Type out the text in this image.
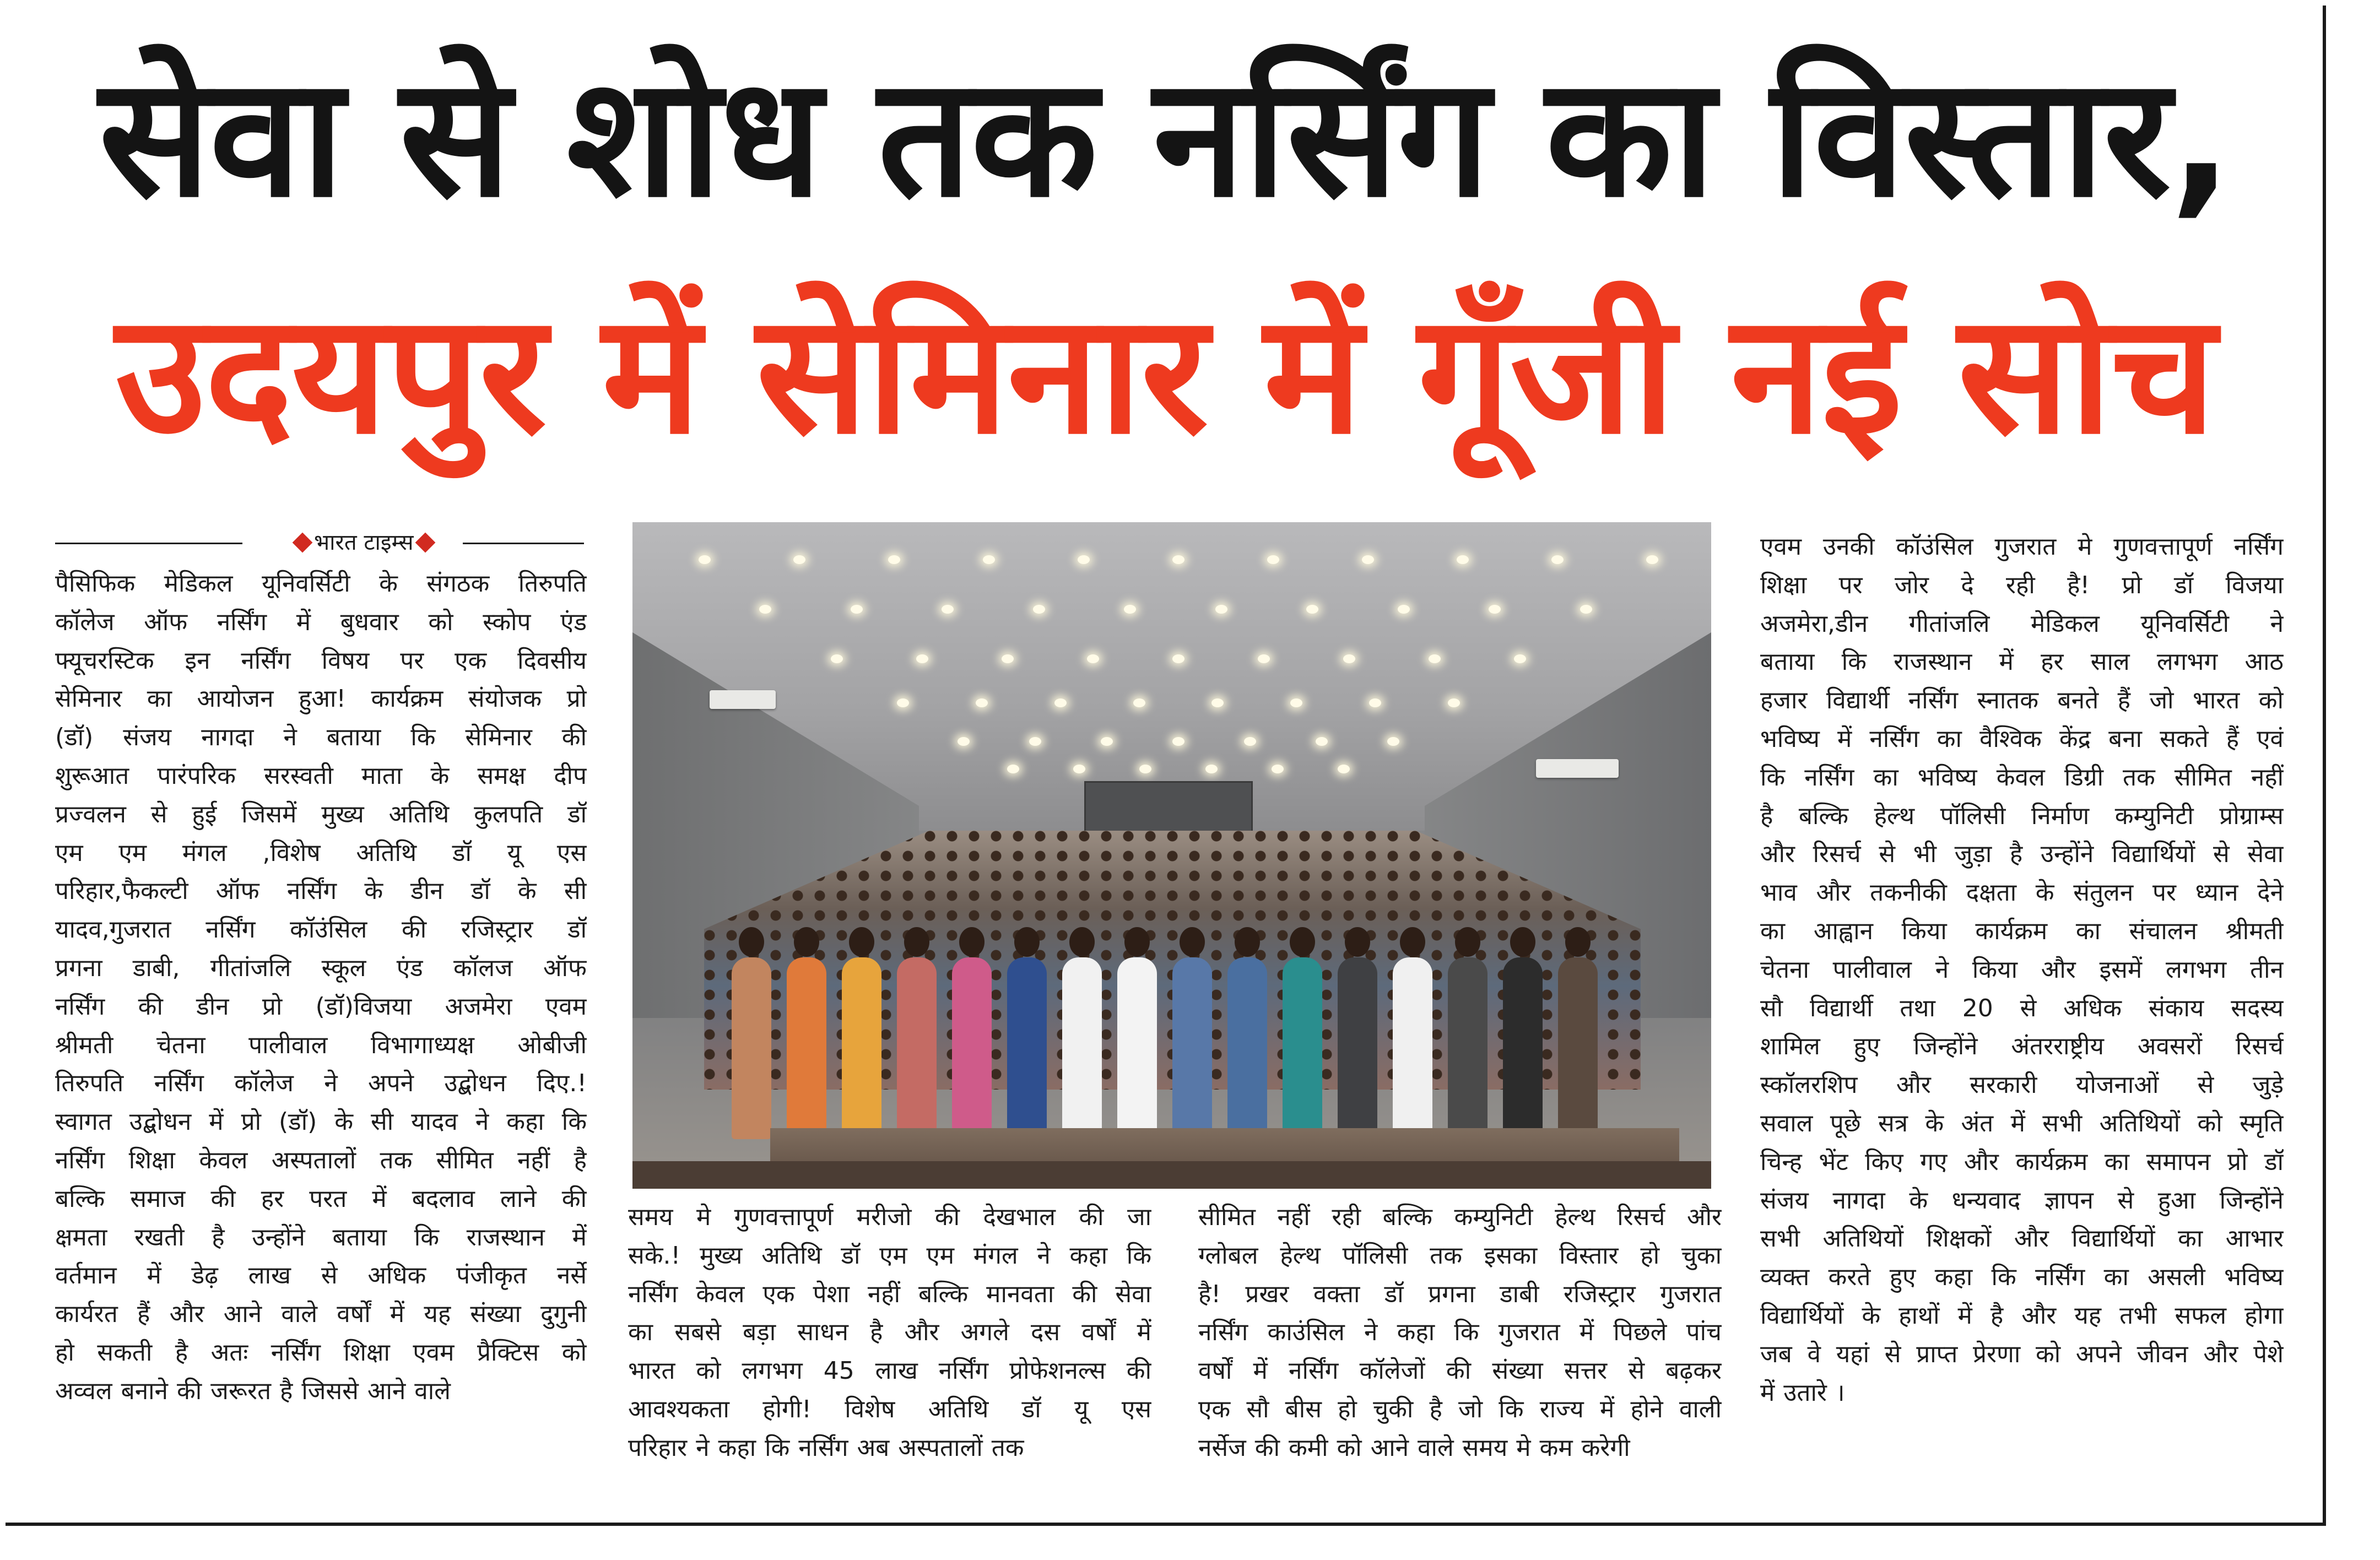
सेवा से शोध तक नर्सिंग का विस्तार,
उदयपुर में सेमिनार में गूँजी नई सोच
भारत टाइम्स
पैसिफिक मेडिकल यूनिवर्सिटी के संगठक तिरुपति
कॉलेज ऑफ नर्सिंग में बुधवार को स्कोप एंड
फ्यूचरस्टिक इन नर्सिंग विषय पर एक दिवसीय
सेमिनार का आयोजन हुआ! कार्यक्रम संयोजक प्रो
(डॉ) संजय नागदा ने बताया कि सेमिनार की
शुरूआत पारंपरिक सरस्वती माता के समक्ष दीप
प्रज्वलन से हुई जिसमें मुख्य अतिथि कुलपति डॉ
एम एम मंगल ,विशेष अतिथि डॉ यू एस
परिहार,फैकल्टी ऑफ नर्सिंग के डीन डॉ के सी
यादव,गुजरात नर्सिंग कॉउंसिल की रजिस्ट्रार डॉ
प्रगना डाबी, गीतांजलि स्कूल एंड कॉलज ऑफ
नर्सिंग की डीन प्रो (डॉ)विजया अजमेरा एवम
श्रीमती चेतना पालीवाल विभागाध्यक्ष ओबीजी
तिरुपति नर्सिंग कॉलेज ने अपने उद्बोधन दिए.!
स्वागत उद्बोधन में प्रो (डॉ) के सी यादव ने कहा कि
नर्सिंग शिक्षा केवल अस्पतालों तक सीमित नहीं है
बल्कि समाज की हर परत में बदलाव लाने की
क्षमता रखती है उन्होंने बताया कि राजस्थान में
वर्तमान में डेढ़ लाख से अधिक पंजीकृत नर्से
कार्यरत हैं और आने वाले वर्षों में यह संख्या दुगुनी
हो सकती है अतः नर्सिंग शिक्षा एवम प्रैक्टिस को
अव्वल बनाने की जरूरत है जिससे आने वाले
समय मे गुणवत्तापूर्ण मरीजो की देखभाल की जा
सके.! मुख्य अतिथि डॉ एम एम मंगल ने कहा कि
नर्सिंग केवल एक पेशा नहीं बल्कि मानवता की सेवा
का सबसे बड़ा साधन है और अगले दस वर्षों में
भारत को लगभग 45 लाख नर्सिंग प्रोफेशनल्स की
आवश्यकता होगी! विशेष अतिथि डॉ यू एस
परिहार ने कहा कि नर्सिंग अब अस्पतालों तक
सीमित नहीं रही बल्कि कम्युनिटी हेल्थ रिसर्च और
ग्लोबल हेल्थ पॉलिसी तक इसका विस्तार हो चुका
है! प्रखर वक्ता डॉ प्रगना डाबी रजिस्ट्रार गुजरात
नर्सिंग काउंसिल ने कहा कि गुजरात में पिछले पांच
वर्षों में नर्सिंग कॉलेजों की संख्या सत्तर से बढ़कर
एक सौ बीस हो चुकी है जो कि राज्य में होने वाली
नर्सेज की कमी को आने वाले समय मे कम करेगी
एवम उनकी कॉउंसिल गुजरात मे गुणवत्तापूर्ण नर्सिंग
शिक्षा पर जोर दे रही है! प्रो डॉ विजया
अजमेरा,डीन गीतांजलि मेडिकल यूनिवर्सिटी ने
बताया कि राजस्थान में हर साल लगभग आठ
हजार विद्यार्थी नर्सिंग स्नातक बनते हैं जो भारत को
भविष्य में नर्सिंग का वैश्विक केंद्र बना सकते हैं एवं
कि नर्सिंग का भविष्य केवल डिग्री तक सीमित नहीं
है बल्कि हेल्थ पॉलिसी निर्माण कम्युनिटी प्रोग्राम्स
और रिसर्च से भी जुड़ा है उन्होंने विद्यार्थियों से सेवा
भाव और तकनीकी दक्षता के संतुलन पर ध्यान देने
का आह्वान किया कार्यक्रम का संचालन श्रीमती
चेतना पालीवाल ने किया और इसमें लगभग तीन
सौ विद्यार्थी तथा 20 से अधिक संकाय सदस्य
शामिल हुए जिन्होंने अंतरराष्ट्रीय अवसरों रिसर्च
स्कॉलरशिप और सरकारी योजनाओं से जुड़े
सवाल पूछे सत्र के अंत में सभी अतिथियों को स्मृति
चिन्ह भेंट किए गए और कार्यक्रम का समापन प्रो डॉ
संजय नागदा के धन्यवाद ज्ञापन से हुआ जिन्होंने
सभी अतिथियों शिक्षकों और विद्यार्थियों का आभार
व्यक्त करते हुए कहा कि नर्सिंग का असली भविष्य
विद्यार्थियों के हाथों में है और यह तभी सफल होगा
जब वे यहां से प्राप्त प्रेरणा को अपने जीवन और पेशे
में उतारे ।
